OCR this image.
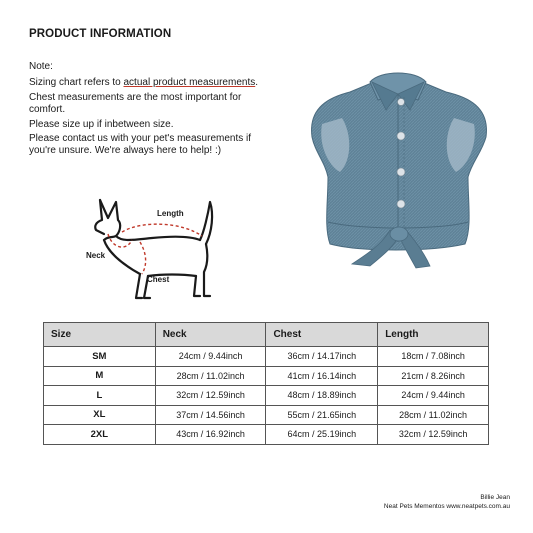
PRODUCT INFORMATION
Note:

Sizing chart refers to actual product measurements.

Chest measurements are the most important for comfort.

Please size up if inbetween size.

Please contact us with your pet's measurements if you're unsure. We're always here to help! :)

Length
Neck
Chest
Size	Neck	Chest	Length
SM	24cm / 9.44inch	36cm / 14.17inch	18cm / 7.08inch
M	28cm / 11.02inch	41cm / 16.14inch	21cm / 8.26inch
L	32cm / 12.59inch	48cm / 18.89inch	24cm / 9.44inch
XL	37cm / 14.56inch	55cm / 21.65inch	28cm / 11.02inch
2XL	43cm / 16.92inch	64cm / 25.19inch	32cm / 12.59inch
Billie Jean
Neat Pets Mementos www.neatpets.com.au
